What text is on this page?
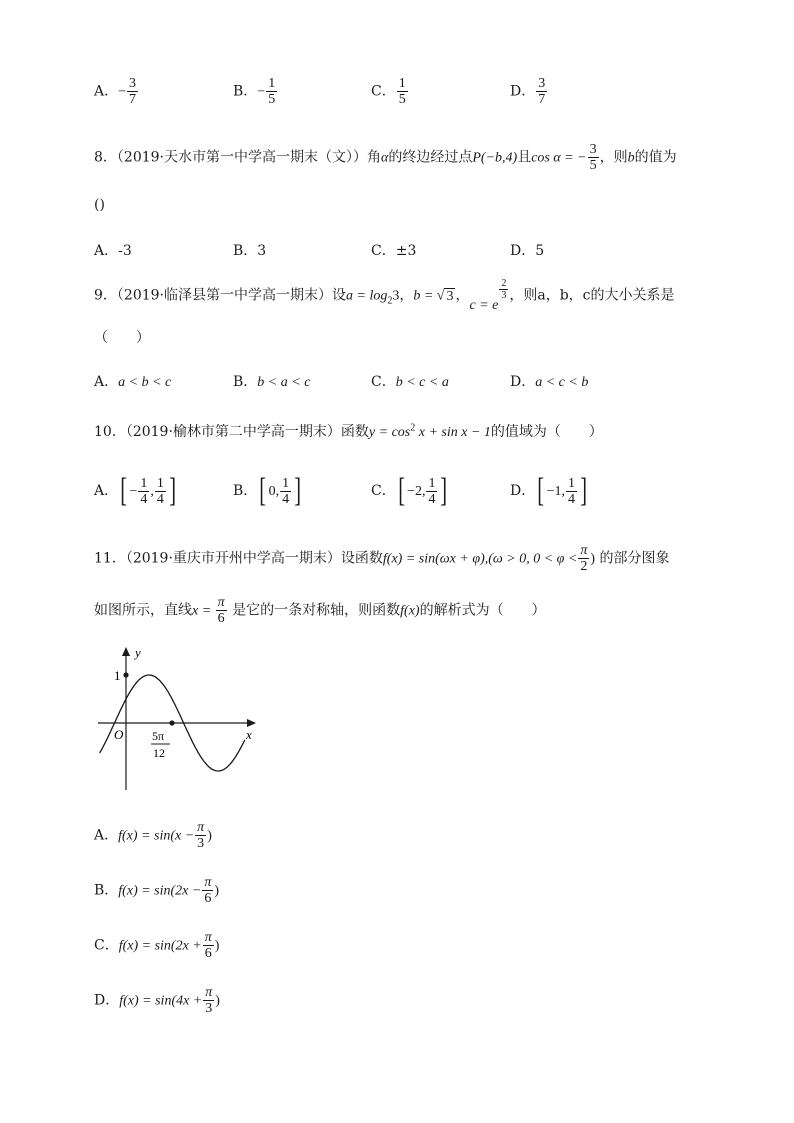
A．− $\frac{3}{7}$	B．− $\frac{1}{5}$	C． $\frac{1}{5}$	D． $\frac{3}{7}$
8．（2019·天水市第一中学高一期末（文））角α的终边经过点P(−b,4)且cos α = − $\frac{3}{5}$ ，则b的值为
()
A．-3	B．3	C．±3	D．5
9．（2019·临泽县第一中学高一期末）设$a = \log_23$，b = √ 3 ，c = e
$\frac{2}{3}$ ，则a，b，c的大小关系是
（　　）
A．a < b < c	B．b < a < c	C．b < c < a	D．a < c < b
10．（2019·榆林市第二中学高一期末）函数$y = \cos^2 x + \sin x - 1$的值域为（　　）
A．[ − $\frac{1}{4}$ , $\frac{1}{4}$ ]	B．[ 0, $\frac{1}{4}$ ]	C．[ −2, $\frac{1}{4}$ ]	D．[ −1, $\frac{1}{4}$ ]
11．（2019·重庆市开州中学高一期末）设函数f(x) = sin(ωx + φ),(ω > 0, $0 < \varphi < \frac{\pi}{2}$ ) 的部分图象
如图所示，直线$x = \frac{\pi}{6}$ 是它的一条对称轴，则函数f(x)的解析式为（　　）
y
x
O
1
5π
12
A．$f(x) = \sin(x - \frac{\pi}{3}$ )
B．$f(x) = \sin(2x - \frac{\pi}{6}$ )
C．$f(x) = \sin(2x + \frac{\pi}{6}$ )
D．$f(x) = \sin(4x + \frac{\pi}{3}$ )
